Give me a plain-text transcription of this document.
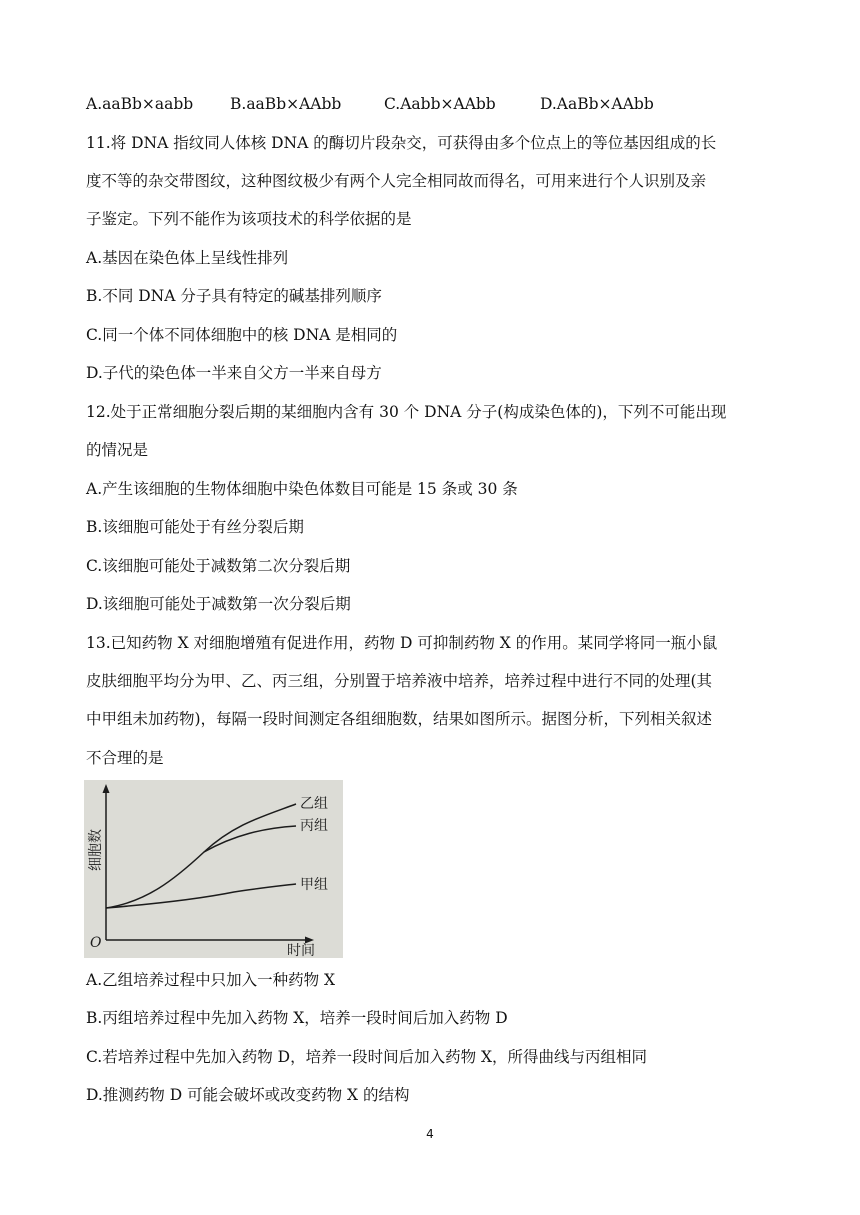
A.aaBb×aabb	B.aaBb×AAbb	C.Aabb×AAbb	D.AaBb×AAbb
11.将 DNA 指纹同人体核 DNA 的酶切片段杂交，可获得由多个位点上的等位基因组成的长
度不等的杂交带图纹，这种图纹极少有两个人完全相同故而得名，可用来进行个人识别及亲
子鉴定。下列不能作为该项技术的科学依据的是
A.基因在染色体上呈线性排列
B.不同 DNA 分子具有特定的碱基排列顺序
C.同一个体不同体细胞中的核 DNA 是相同的
D.子代的染色体一半来自父方一半来自母方
12.处于正常细胞分裂后期的某细胞内含有 30 个 DNA 分子(构成染色体的)，下列不可能出现
的情况是
A.产生该细胞的生物体细胞中染色体数目可能是 15 条或 30 条
B.该细胞可能处于有丝分裂后期
C.该细胞可能处于减数第二次分裂后期
D.该细胞可能处于减数第一次分裂后期
13.已知药物 X 对细胞增殖有促进作用，药物 D 可抑制药物 X 的作用。某同学将同一瓶小鼠
皮肤细胞平均分为甲、乙、丙三组，分别置于培养液中培养，培养过程中进行不同的处理(其
中甲组未加药物)，每隔一段时间测定各组细胞数，结果如图所示。据图分析，下列相关叙述
不合理的是
细胞数
时间
O
乙组
丙组
甲组
A.乙组培养过程中只加入一种药物 X
B.丙组培养过程中先加入药物 X，培养一段时间后加入药物 D
C.若培养过程中先加入药物 D，培养一段时间后加入药物 X，所得曲线与丙组相同
D.推测药物 D 可能会破坏或改变药物 X 的结构
4
